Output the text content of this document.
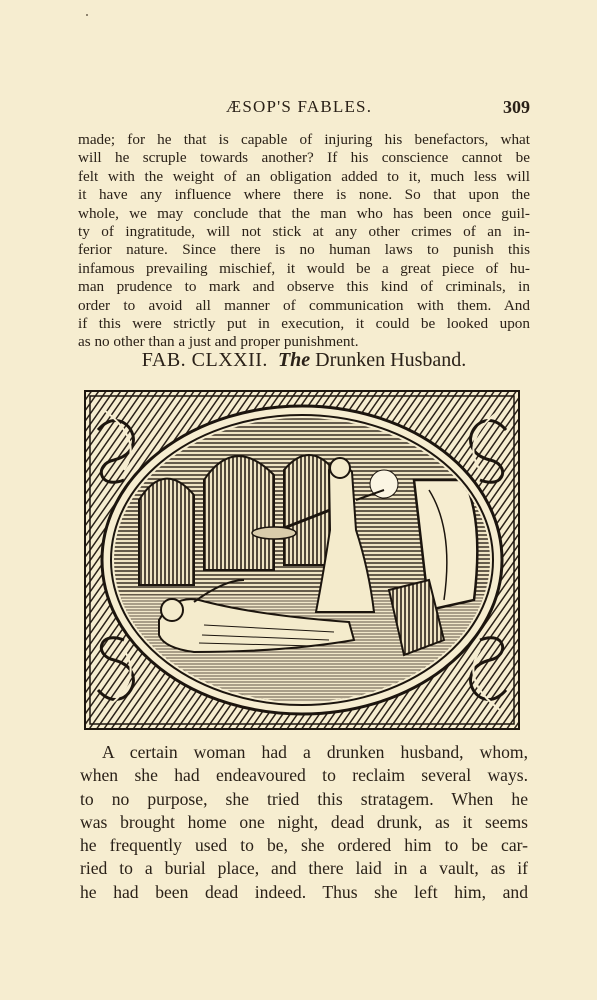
ÆSOP'S FABLES.	309
made; for he that is capable of injuring his benefactors, what
will he scruple towards another? If his conscience cannot be
felt with the weight of an obligation added to it, much less will
it have any influence where there is none. So that upon the
whole, we may conclude that the man who has been once guil-
ty of ingratitude, will not stick at any other crimes of an in-
ferior nature. Since there is no human laws to punish this
infamous prevailing mischief, it would be a great piece of hu-
man prudence to mark and observe this kind of criminals, in
order to avoid all manner of communication with them. And
if this were strictly put in execution, it could be looked upon
as no other than a just and proper punishment.
FAB. CLXXII. The Drunken Husband.
A certain woman had a drunken husband, whom,
when she had endeavoured to reclaim several ways.
to no purpose, she tried this stratagem. When he
was brought home one night, dead drunk, as it seems
he frequently used to be, she ordered him to be car-
ried to a burial place, and there laid in a vault, as if
he had been dead indeed. Thus she left him, and
